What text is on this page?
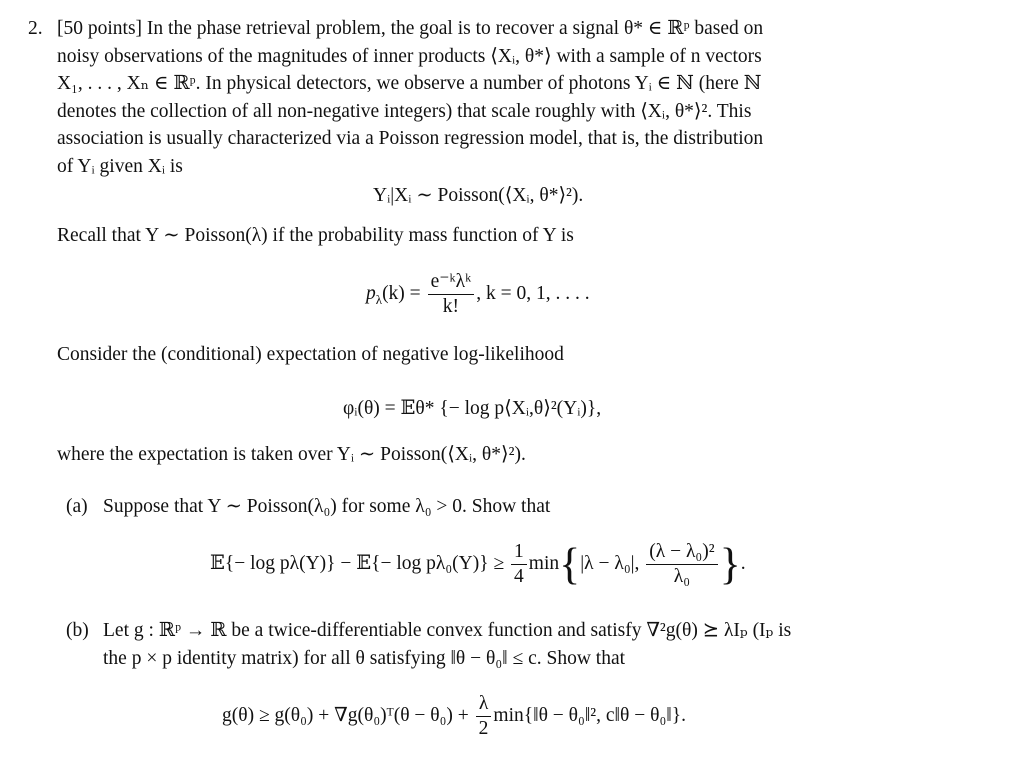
2. [50 points] In the phase retrieval problem, the goal is to recover a signal θ* ∈ ℝᵖ based on
noisy observations of the magnitudes of inner products ⟨Xᵢ, θ*⟩ with a sample of n vectors
X₁, . . . , Xₙ ∈ ℝᵖ. In physical detectors, we observe a number of photons Yᵢ ∈ ℕ (here ℕ
denotes the collection of all non-negative integers) that scale roughly with ⟨Xᵢ, θ*⟩². This
association is usually characterized via a Poisson regression model, that is, the distribution
of Yᵢ given Xᵢ is
Yᵢ|Xᵢ ∼ Poisson(⟨Xᵢ, θ*⟩²).
Recall that Y ∼ Poisson(λ) if the probability mass function of Y is
$p_\lambda(k) = \frac{\text{e⁻ᵏλᵏ}}{k!}$ , k = 0, 1, . . . .
Consider the (conditional) expectation of negative log-likelihood
φᵢ(θ) = 𝔼θ* {− log p⟨Xᵢ,θ⟩²(Yᵢ)},
where the expectation is taken over Yᵢ ∼ Poisson(⟨Xᵢ, θ*⟩²).
(a) Suppose that Y ∼ Poisson(λ₀) for some λ₀ > 0. Show that
𝔼{− log pλ(Y)} − 𝔼{− $\log p\lambda_0(Y)\} \ge \frac{1}{4} \min\{|\lambda - \lambda_0|$, $\frac{\text{(λ − λ₀)²}}{\text{λ₀}}$ }.
(b) Let g : ℝᵖ → ℝ be a twice-differentiable convex function and satisfy ∇²g(θ) ⪰ λIₚ (Iₚ is
the p × p identity matrix) for all θ satisfying ‖θ − θ₀‖ ≤ c. Show that
g(θ) ≥ g(θ₀) + ∇g(θ₀)ᵀ(θ − $\theta_0) + \frac{\lambda}{2}$ min{‖θ − θ₀‖², c‖θ − θ₀‖}.
